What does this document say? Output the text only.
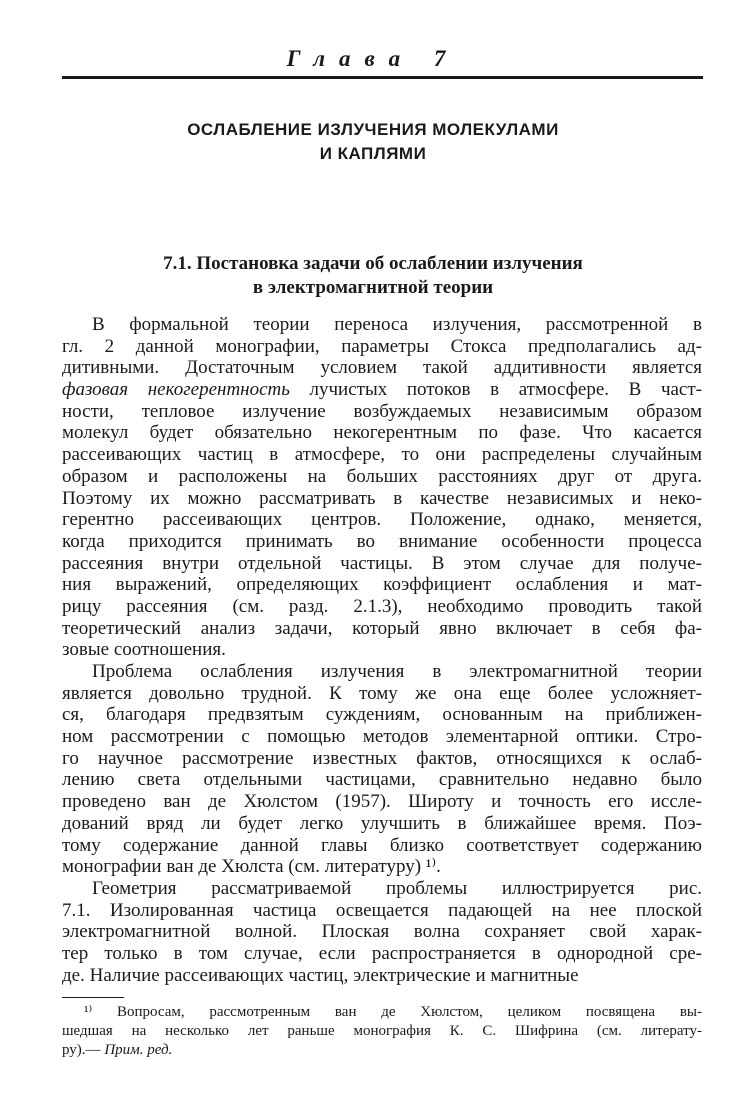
Глава 7
ОСЛАБЛЕНИЕ ИЗЛУЧЕНИЯ МОЛЕКУЛАМИ
И КАПЛЯМИ
7.1. Постановка задачи об ослаблении излучения
в электромагнитной теории
В формальной теории переноса излучения, рассмотренной в
гл. 2 данной монографии, параметры Стокса предполагались ад-
дитивными. Достаточным условием такой аддитивности является
фазовая некогерентность лучистых потоков в атмосфере. В част-
ности, тепловое излучение возбуждаемых независимым образом
молекул будет обязательно некогерентным по фазе. Что касается
рассеивающих частиц в атмосфере, то они распределены случайным
образом и расположены на больших расстояниях друг от друга.
Поэтому их можно рассматривать в качестве независимых и неко-
герентно рассеивающих центров. Положение, однако, меняется,
когда приходится принимать во внимание особенности процесса
рассеяния внутри отдельной частицы. В этом случае для получе-
ния выражений, определяющих коэффициент ослабления и мат-
рицу рассеяния (см. разд. 2.1.3), необходимо проводить такой
теоретический анализ задачи, который явно включает в себя фа-
зовые соотношения.
Проблема ослабления излучения в электромагнитной теории
является довольно трудной. К тому же она еще более усложняет-
ся, благодаря предвзятым суждениям, основанным на приближен-
ном рассмотрении с помощью методов элементарной оптики. Стро-
го научное рассмотрение известных фактов, относящихся к ослаб-
лению света отдельными частицами, сравнительно недавно было
проведено ван де Хюлстом (1957). Широту и точность его иссле-
дований вряд ли будет легко улучшить в ближайшее время. Поэ-
тому содержание данной главы близко соответствует содержанию
монографии ван де Хюлста (см. литературу) ¹⁾.
Геометрия рассматриваемой проблемы иллюстрируется рис.
7.1. Изолированная частица освещается падающей на нее плоской
электромагнитной волной. Плоская волна сохраняет свой харак-
тер только в том случае, если распространяется в однородной сре-
де. Наличие рассеивающих частиц, электрические и магнитные
¹⁾ Вопросам, рассмотренным ван де Хюлстом, целиком посвящена вы-
шедшая на несколько лет раньше монография К. С. Шифрина (см. литерату-
ру).— Прим. ред.
